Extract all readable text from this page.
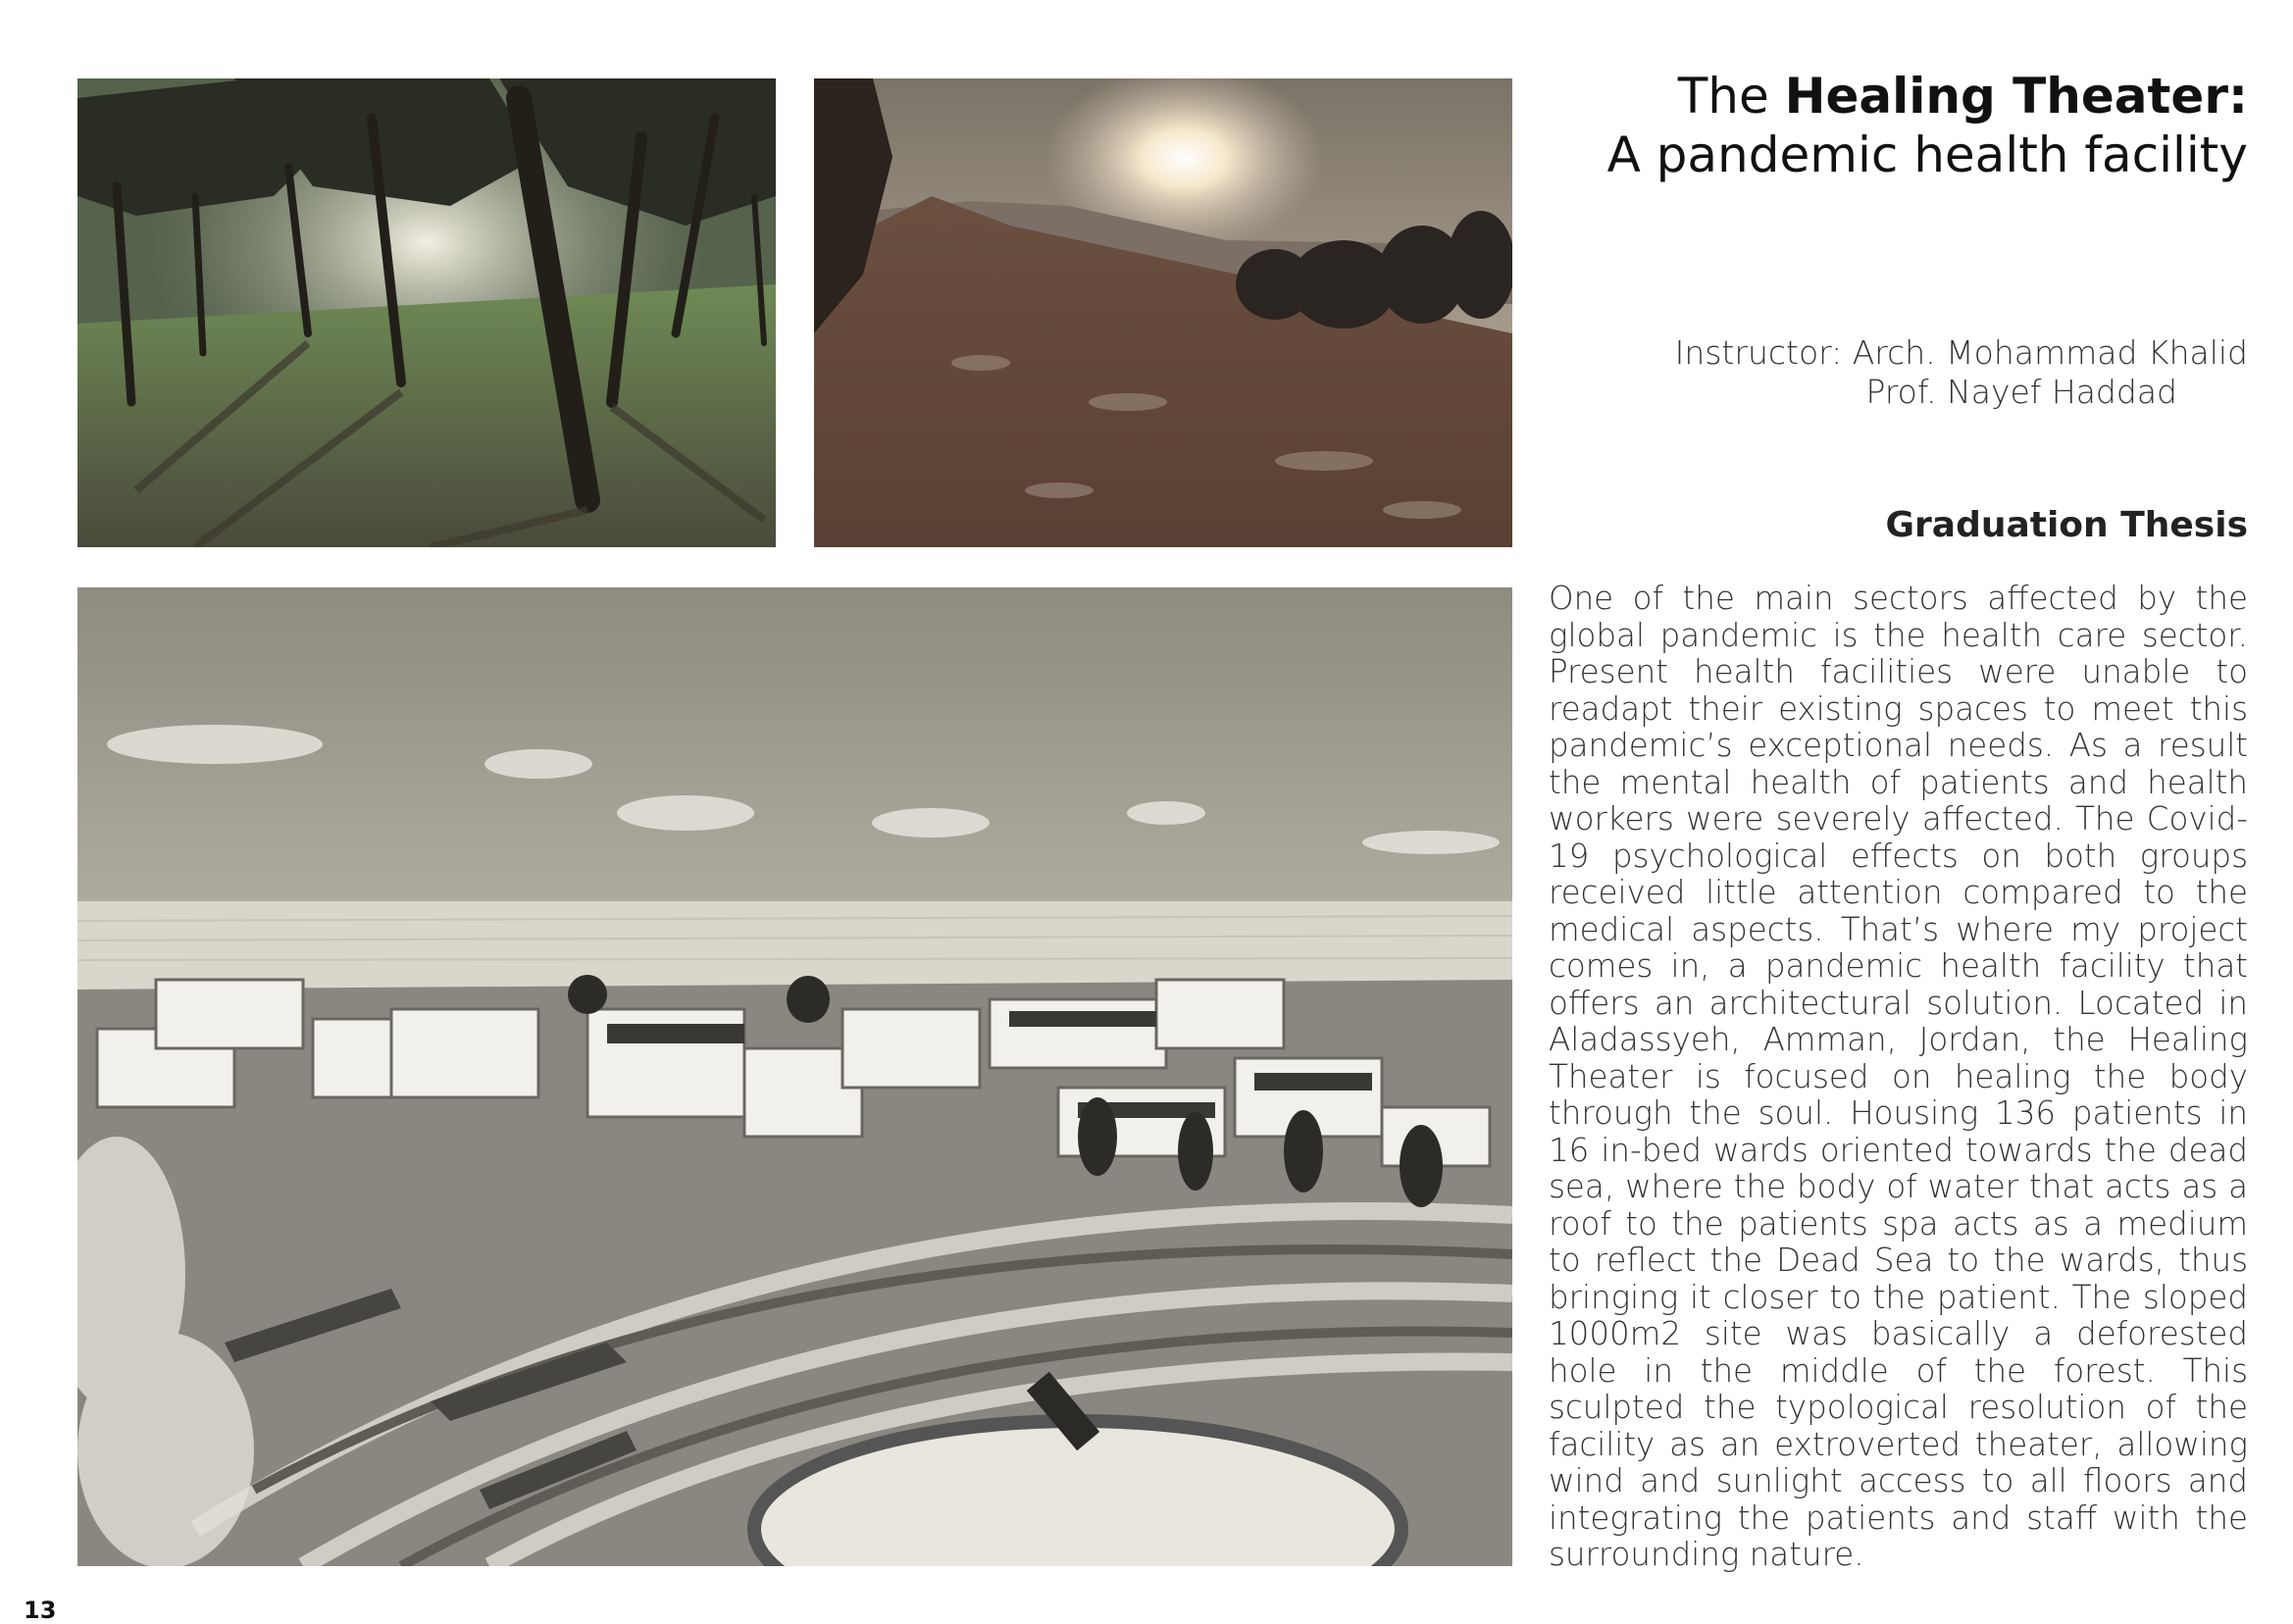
The Healing Theater:
A pandemic health facility
Instructor: Arch. Mohammad Khalid
Prof. Nayef Haddad
Graduation Thesis
One of the main sectors affected by the global pandemic is the health care sector. Present health facilities were unable to readapt their existing spaces to meet this pandemic’s exceptional needs. As a result the mental health of patients and health workers were severely affected. The Covid-19 psychological effects on both groups received little attention compared to the medical aspects. That’s where my project comes in, a pandemic health facility that offers an architectural solution. Located in Aladassyeh, Amman, Jordan, the Healing Theater is focused on healing the body through the soul. Housing 136 patients in 16 in-bed wards oriented towards the dead sea, where the body of water that acts as a roof to the patients spa acts as a medium to reflect the Dead Sea to the wards, thus bringing it closer to the patient. The sloped 1000m2 site was basically a deforested hole in the middle of the forest. This sculpted the typological resolution of the facility as an extroverted theater, allowing wind and sunlight access to all floors and integrating the patients and staff with the surrounding nature.
13
